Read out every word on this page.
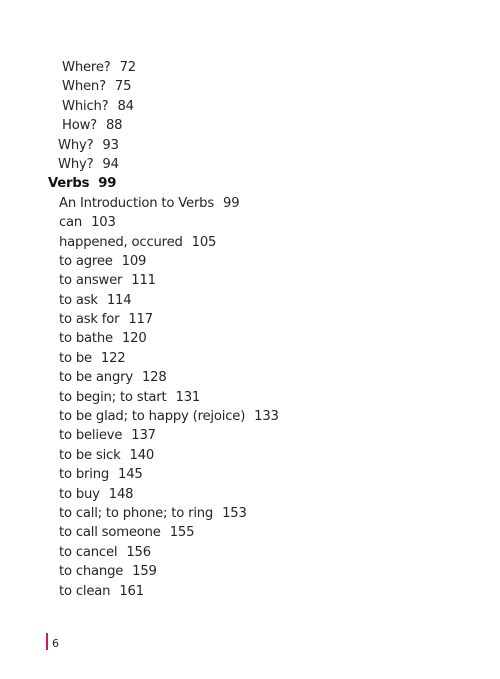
Where? 72
When? 75
Which? 84
How? 88
Why? 93
Why? 94
Verbs 99
An Introduction to Verbs 99
can 103
happened, occured 105
to agree 109
to answer 111
to ask 114
to ask for 117
to bathe 120
to be 122
to be angry 128
to begin; to start 131
to be glad; to happy (rejoice) 133
to believe 137
to be sick 140
to bring 145
to buy 148
to call; to phone; to ring 153
to call someone 155
to cancel 156
to change 159
to clean 161
6
